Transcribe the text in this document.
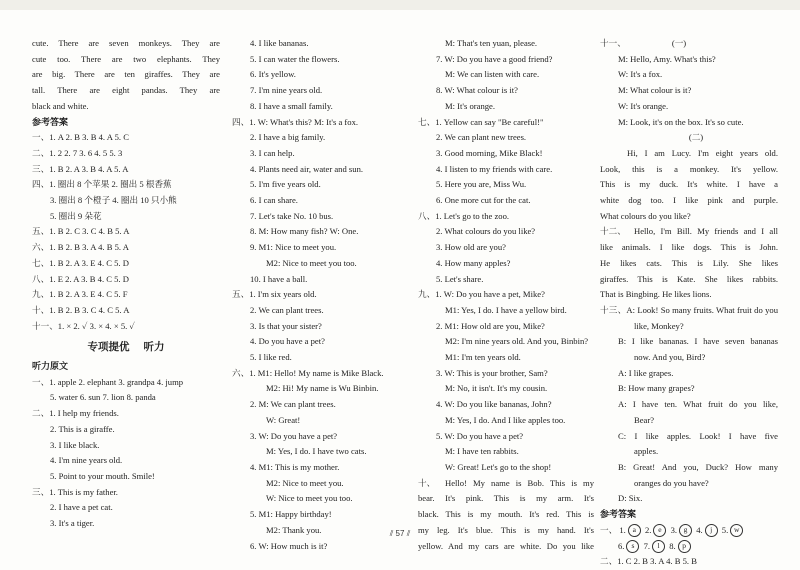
cute. There are seven monkeys. They are
cute too. There are two elephants. They
are big. There are ten giraffes. They are
tall. There are eight pandas. They are
black and white.
参考答案
一、1. A 2. B 3. B 4. A 5. C
二、1. 2 2. 7 3. 6 4. 5 5. 3
三、1. B 2. A 3. B 4. A 5. A
四、1. 圈出 8 个苹果 2. 圈出 5 根香蕉
3. 圈出 8 个橙子 4. 圈出 10 只小熊
5. 圈出 9 朵花
五、1. B 2. C 3. C 4. B 5. A
六、1. B 2. B 3. A 4. B 5. A
七、1. B 2. A 3. E 4. C 5. D
八、1. E 2. A 3. B 4. C 5. D
九、1. B 2. A 3. E 4. C 5. F
十、1. B 2. B 3. C 4. C 5. A
十一、1. × 2. ✓ 3. × 4. × 5. ✓
专项提优 听力
听力原文
一、1. apple 2. elephant 3. grandpa 4. jump
5. water 6. sun 7. lion 8. panda
二、1. I help my friends.
2. This is a giraffe.
3. I like black.
4. I'm nine years old.
5. Point to your mouth. Smile!
三、1. This is my father.
2. I have a pet cat.
3. It's a tiger.
4. I like bananas.
5. I can water the flowers.
6. It's yellow.
7. I'm nine years old.
8. I have a small family.
四、1. W: What's this? M: It's a fox.
2. I have a big family.
3. I can help.
4. Plants need air, water and sun.
5. I'm five years old.
6. I can share.
7. Let's take No. 10 bus.
8. M: How many fish? W: One.
9. M1: Nice to meet you.
M2: Nice to meet you too.
10. I have a ball.
五、1. I'm six years old.
2. We can plant trees.
3. Is that your sister?
4. Do you have a pet?
5. I like red.
六、1. M1: Hello! My name is Mike Black.
M2: Hi! My name is Wu Binbin.
2. M: We can plant trees.
W: Great!
3. W: Do you have a pet?
M: Yes, I do. I have two cats.
4. M1: This is my mother.
M2: Nice to meet you.
W: Nice to meet you too.
5. M1: Happy birthday!
M2: Thank you.
6. W: How much is it?
M: That's ten yuan, please.
7. W: Do you have a good friend?
M: We can listen with care.
8. W: What colour is it?
M: It's orange.
七、1. Yellow can say "Be careful!"
2. We can plant new trees.
3. Good morning, Mike Black!
4. I listen to my friends with care.
5. Here you are, Miss Wu.
6. One more cut for the cat.
八、1. Let's go to the zoo.
2. What colours do you like?
3. How old are you?
4. How many apples?
5. Let's share.
九、1. W: Do you have a pet, Mike?
M1: Yes, I do. I have a yellow bird.
2. M1: How old are you, Mike?
M2: I'm nine years old. And you, Binbin?
M1: I'm ten years old.
3. W: This is your brother, Sam?
M: No, it isn't. It's my cousin.
4. W: Do you like bananas, John?
M: Yes, I do. And I like apples too.
5. W: Do you have a pet?
M: I have ten rabbits.
W: Great! Let's go to the shop!
十、	Hello! My name is Bob. This is my
bear. It's pink. This is my arm. It's
black. This is my mouth. It's red. This is
my leg. It's blue. This is my hand. It's
yellow. And my cars are white. Do you like
十一、	(一)
M: Hello, Amy. What's this?
W: It's a fox.
M: What colour is it?
W: It's orange.
M: Look, it's on the box. It's so cute.
(二)
Hi, I am Lucy. I'm eight years old.
Look, this is a monkey. It's yellow.
This is my duck. It's white. I have a
white dog too. I like pink and purple.
What colours do you like?
十二、 Hello, I'm Bill. My friends and I all
like animals. I like dogs. This is John.
He likes cats. This is Lily. She likes
giraffes. This is Kate. She likes rabbits.
That is Bingbing. He likes lions.
十三、A: Look! So many fruits. What fruit do you
like, Monkey?
B: I like bananas. I have seven bananas
now. And you, Bird?
A: I like grapes.
B: How many grapes?
A: I have ten. What fruit do you like,
Bear?
C: I like apples. Look! I have five
apples.
B: Great! And you, Duck? How many
oranges do you have?
D: Six.
参考答案
一、 1. a 2. e 3. g 4. j 5. w
6. s 7. l 8. p
二、1. C 2. B 3. A 4. B 5. B
⫽ 57 ⫽
